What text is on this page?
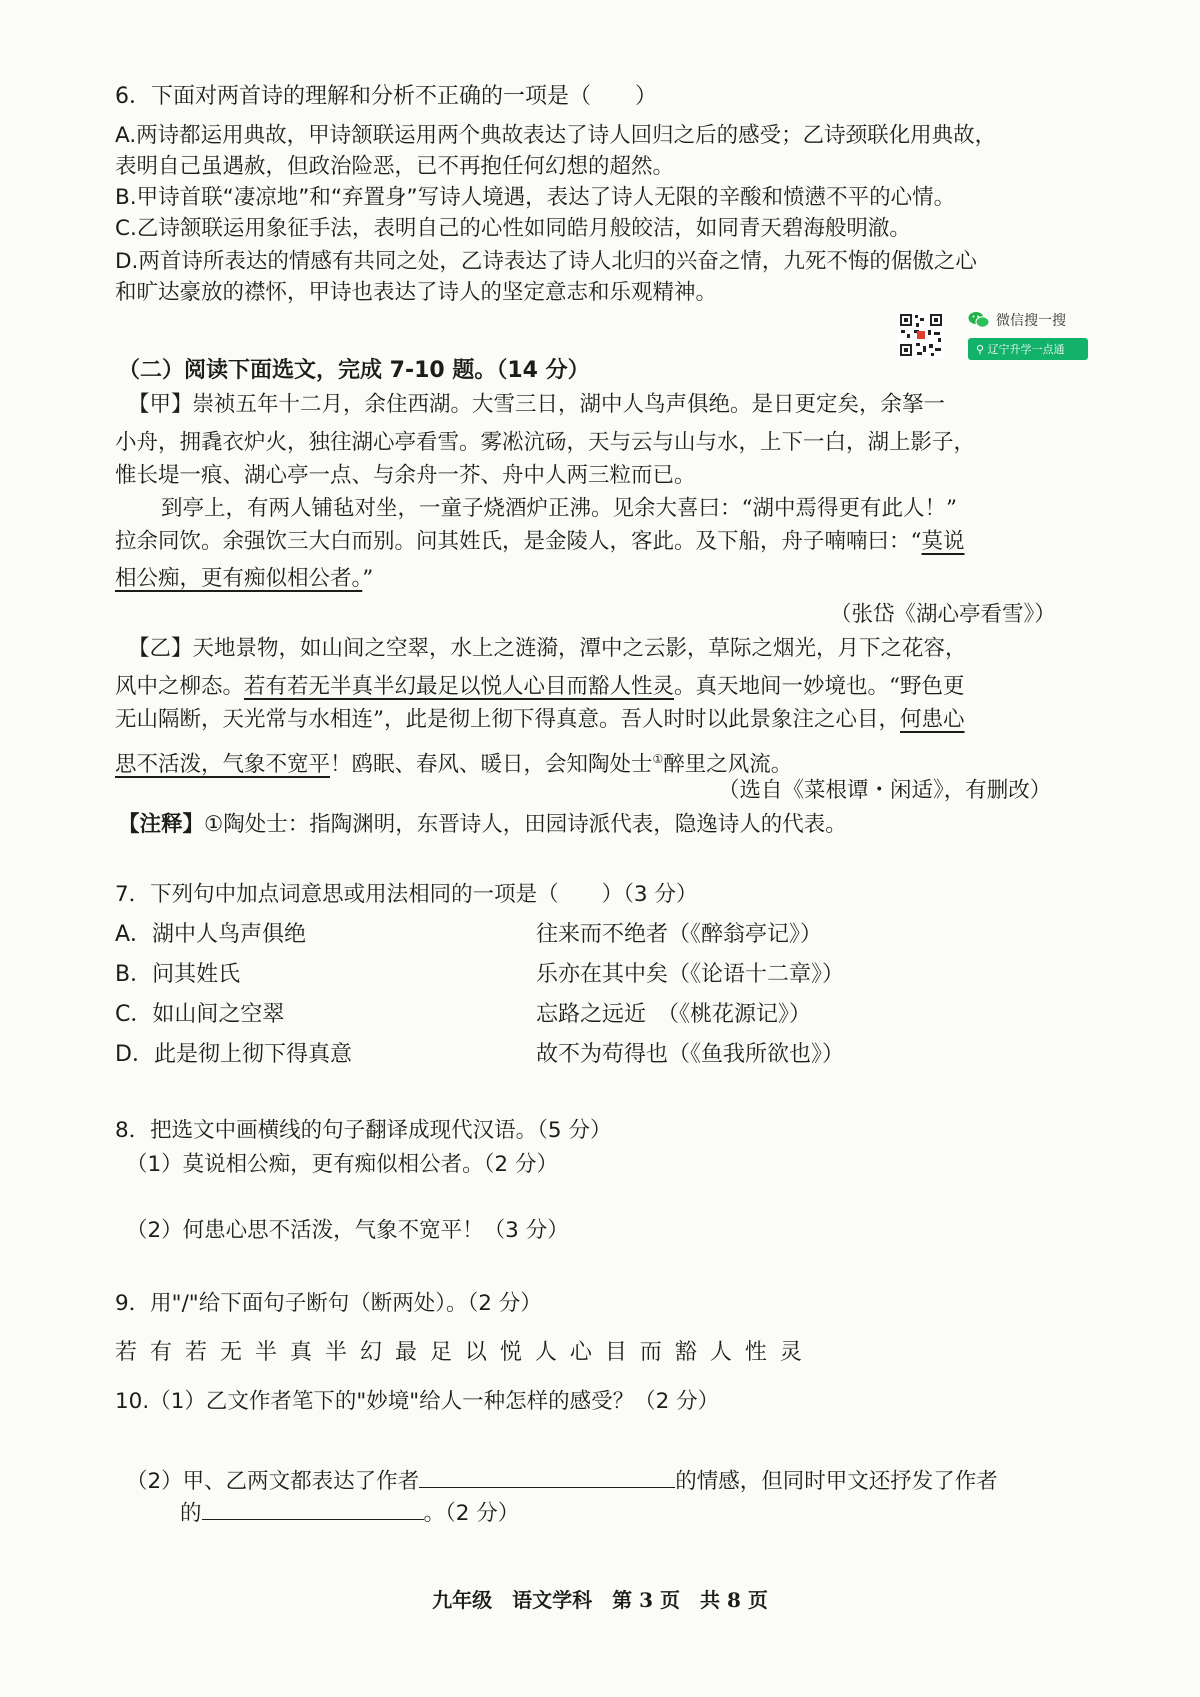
6．下面对两首诗的理解和分析不正确的一项是（　　）
A.两诗都运用典故，甲诗颔联运用两个典故表达了诗人回归之后的感受；乙诗颈联化用典故，
表明自己虽遇赦，但政治险恶，已不再抱任何幻想的超然。
B.甲诗首联“凄凉地”和“弃置身”写诗人境遇，表达了诗人无限的辛酸和愤懑不平的心情。
C.乙诗颔联运用象征手法，表明自己的心性如同皓月般皎洁，如同青天碧海般明澈。
D.两首诗所表达的情感有共同之处，乙诗表达了诗人北归的兴奋之情，九死不悔的倨傲之心
和旷达豪放的襟怀，甲诗也表达了诗人的坚定意志和乐观精神。
微信搜一搜
⚲ 辽宁升学一点通
（二）阅读下面选文，完成 7-10 题。（14 分）
【甲】崇祯五年十二月，余住西湖。大雪三日，湖中人鸟声俱绝。是日更定矣，余拏一
小舟，拥毳衣炉火，独往湖心亭看雪。雾凇沆砀，天与云与山与水，上下一白，湖上影子，
惟长堤一痕、湖心亭一点、与余舟一芥、舟中人两三粒而已。
到亭上，有两人铺毡对坐，一童子烧酒炉正沸。见余大喜曰：“湖中焉得更有此人！”
拉余同饮。余强饮三大白而别。问其姓氏，是金陵人，客此。及下船，舟子喃喃曰：“莫说
相公痴，更有痴似相公者。”
（张岱《湖心亭看雪》）
【乙】天地景物，如山间之空翠，水上之涟漪，潭中之云影，草际之烟光，月下之花容，
风中之柳态。若有若无半真半幻最足以悦人心目而豁人性灵。真天地间一妙境也。“野色更
无山隔断，天光常与水相连”，此是彻上彻下得真意。吾人时时以此景象注之心目，何患心
思不活泼，气象不宽平！鸥眠、春风、暖日，会知陶处士①醉里之风流。
（选自《菜根谭・闲适》，有删改）
【注释】①陶处士：指陶渊明，东晋诗人，田园诗派代表，隐逸诗人的代表。
7．下列句中加点词意思或用法相同的一项是（　　）（3 分）
A．湖中人鸟声俱绝	往来而不绝者（《醉翁亭记》）
B．问其姓氏	乐亦在其中矣（《论语十二章》）
C．如山间之空翠	忘路之远近　（《桃花源记》）
D．此是彻上彻下得真意	故不为苟得也（《鱼我所欲也》）
8．把选文中画横线的句子翻译成现代汉语。（5 分）
（1）莫说相公痴，更有痴似相公者。（2 分）
（2）何患心思不活泼，气象不宽平！（3 分）
9．用"/"给下面句子断句（断两处）。（2 分）
若 有 若 无 半 真 半 幻 最 足 以 悦 人 心 目 而 豁 人 性 灵
10.（1）乙文作者笔下的"妙境"给人一种怎样的感受？（2 分）
（2）甲、乙两文都表达了作者	的情感，但同时甲文还抒发了作者
的	。（2 分）
九年级　语文学科　第 3 页　共 8 页
